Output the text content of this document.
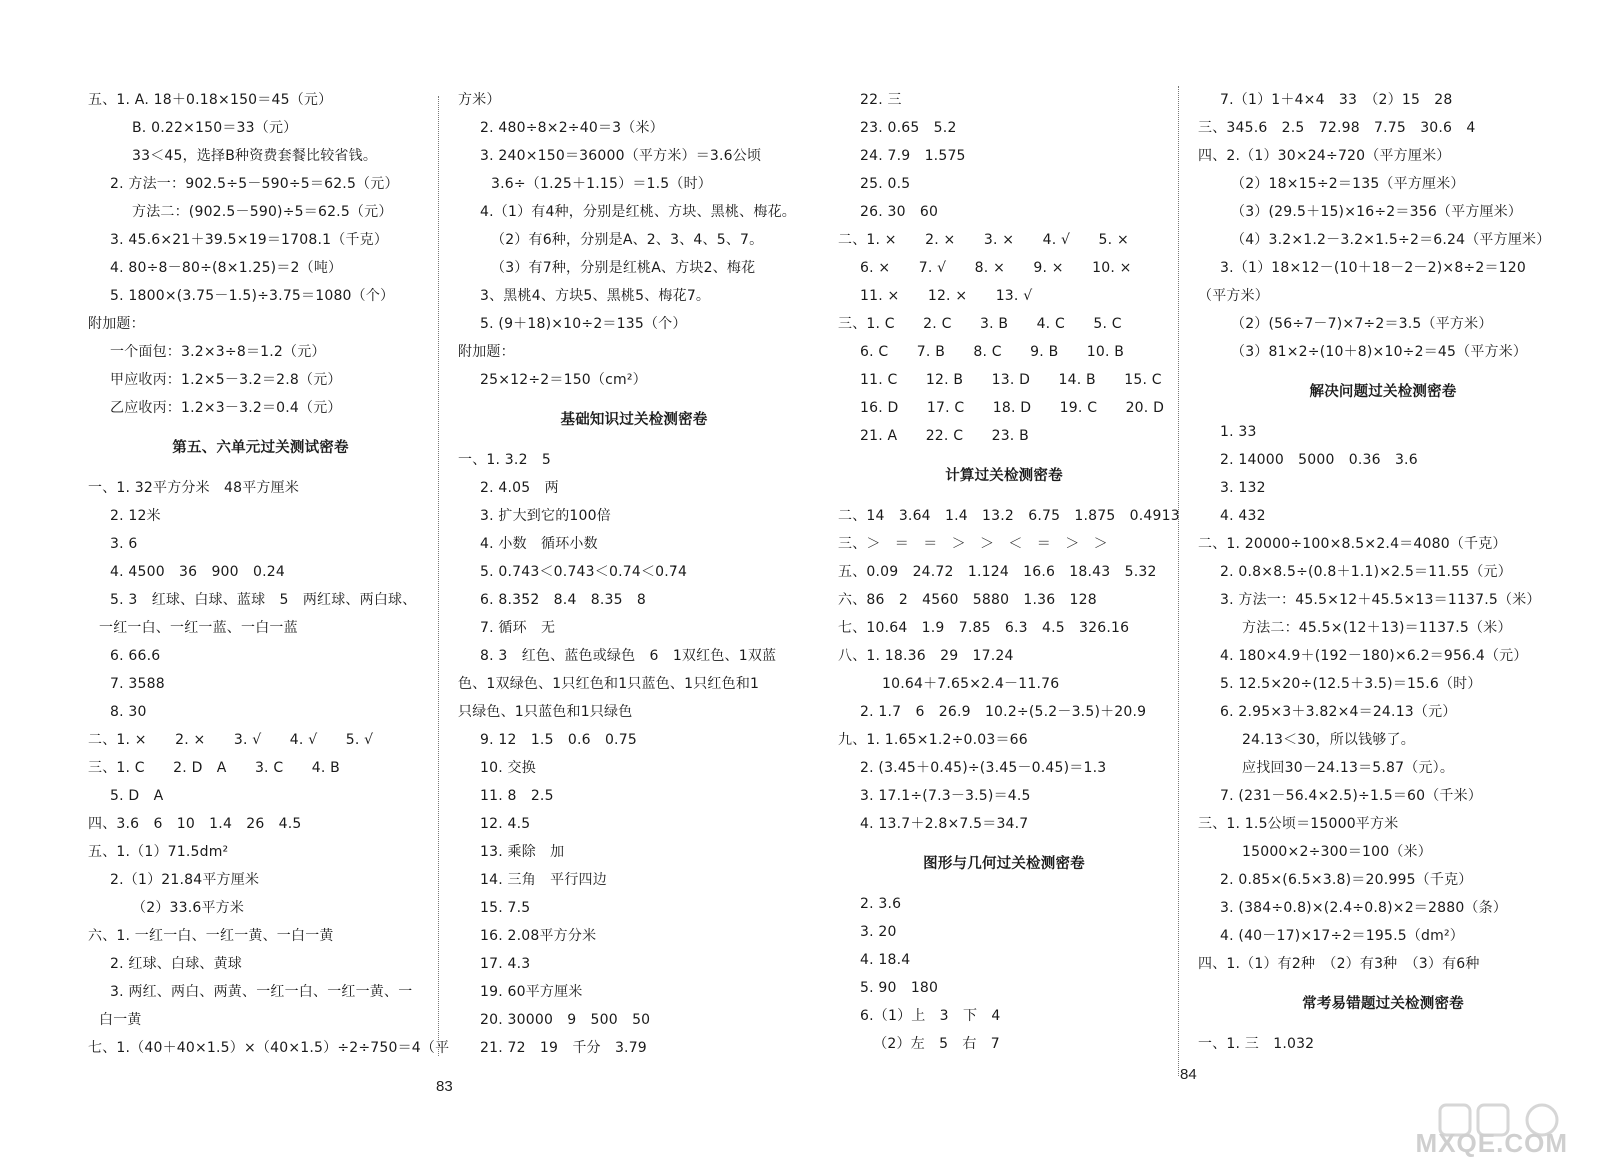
五、1. A. 18＋0.18×150＝45（元）
B. 0.22×150＝33（元）
33＜45，选择B种资费套餐比较省钱。
2. 方法一：902.5÷5－590÷5＝62.5（元）
方法二：(902.5－590)÷5＝62.5（元）
3. 45.6×21＋39.5×19＝1708.1（千克）
4. 80÷8－80÷(8×1.25)＝2（吨）
5. 1800×(3.75－1.5)÷3.75＝1080（个）
附加题：
一个面包：3.2×3÷8＝1.2（元）
甲应收丙：1.2×5－3.2＝2.8（元）
乙应收丙：1.2×3－3.2＝0.4（元）
第五、六单元过关测试密卷
一、1. 32平方分米　48平方厘米
2. 12米
3. 6
4. 4500　36　900　0.24
5. 3　红球、白球、蓝球　5　两红球、两白球、
一红一白、一红一蓝、一白一蓝
6. 66.6
7. 3588
8. 30
二、1. ×　　2. ×　　3. √　　4. √　　5. √
三、1. C　　2. D　A　　3. C　　4. B
5. D　A
四、3.6　6　10　1.4　26　4.5
五、1.（1）71.5dm²
2.（1）21.84平方厘米
（2）33.6平方米
六、1. 一红一白、一红一黄、一白一黄
2. 红球、白球、黄球
3. 两红、两白、两黄、一红一白、一红一黄、一
白一黄
七、1.（40＋40×1.5）×（40×1.5）÷2÷750＝4（平
方米）
2. 480÷8×2÷40＝3（米）
3. 240×150＝36000（平方米）＝3.6公顷
3.6÷（1.25＋1.15）＝1.5（时）
4.（1）有4种，分别是红桃、方块、黑桃、梅花。
（2）有6种，分别是A、2、3、4、5、7。
（3）有7种，分别是红桃A、方块2、梅花
3、黑桃4、方块5、黑桃5、梅花7。
5. (9＋18)×10÷2＝135（个）
附加题：
25×12÷2＝150（cm²）
基础知识过关检测密卷
一、1. 3.2　5
2. 4.05　两
3. 扩大到它的100倍
4. 小数　循环小数
5. 0.743＜0.74̇3̇＜0.74̇＜0.7̇4̇
6. 8.35̇2̇　8.4　8.35　8
7. 循环　无
8. 3　红色、蓝色或绿色　6　1双红色、1双蓝
色、1双绿色、1只红色和1只蓝色、1只红色和1
只绿色、1只蓝色和1只绿色
9. 12　1.5　0.6　0.75
10. 交换
11. 8　2.5
12. 4.5
13. 乘除　加
14. 三角　平行四边
15. 7.5
16. 2.08平方分米
17. 4.3
19. 60平方厘米
20. 30000　9　500　50
21. 72　19　千分　3.79
22. 三
23. 0.65　5.2
24. 7.9　1.575
25. 0.5
26. 30　60
二、1. ×　　2. ×　　3. ×　　4. √　　5. ×
6. ×　　7. √　　8. ×　　9. ×　　10. ×
11. ×　　12. ×　　13. √
三、1. C　　2. C　　3. B　　4. C　　5. C
6. C　　7. B　　8. C　　9. B　　10. B
11. C　　12. B　　13. D　　14. B　　15. C
16. D　　17. C　　18. D　　19. C　　20. D
21. A　　22. C　　23. B
计算过关检测密卷
二、14　3.64　1.4　13.2　6.75　1.875　0.4913
三、＞　＝　＝　＞　＞　＜　＝　＞　＞
五、0.09　24.72　1.12̇4̇　16.6　18.43　5.32
六、86　2　4560　5880　1.36　128
七、10.64　1.9　7.85　6.3　4.5　326.16
八、1. 18.36　29　17.24
10.64＋7.65×2.4－11.76
2. 1.7　6　26.9　10.2÷(5.2－3.5)＋20.9
九、1. 1.65×1.2÷0.03＝66
2. (3.45＋0.45)÷(3.45－0.45)＝1.3
3. 17.1÷(7.3－3.5)＝4.5
4. 13.7＋2.8×7.5＝34.7
图形与几何过关检测密卷
2. 3.6
3. 20
4. 18.4
5. 90　180
6.（1）上　3　下　4
（2）左　5　右　7
7.（1）1＋4×4　33　（2）15　28
三、345.6　2.5　72.98　7.75　30.6　4
四、2.（1）30×24÷720（平方厘米）
（2）18×15÷2＝135（平方厘米）
（3）(29.5＋15)×16÷2＝356（平方厘米）
（4）3.2×1.2－3.2×1.5÷2＝6.24（平方厘米）
3.（1）18×12－(10＋18－2－2)×8÷2＝120
（平方米）
（2）(56÷7－7)×7÷2＝3.5（平方米）
（3）81×2÷(10＋8)×10÷2＝45（平方米）
解决问题过关检测密卷
1. 33
2. 14000　5000　0.36　3.6
3. 132
4. 432
二、1. 20000÷100×8.5×2.4＝4080（千克）
2. 0.8×8.5÷(0.8＋1.1)×2.5＝11.55（元）
3. 方法一：45.5×12＋45.5×13＝1137.5（米）
方法二：45.5×(12＋13)＝1137.5（米）
4. 180×4.9＋(192－180)×6.2＝956.4（元）
5. 12.5×20÷(12.5＋3.5)＝15.6（时）
6. 2.95×3＋3.82×4＝24.13（元）
24.13＜30，所以钱够了。
应找回30－24.13＝5.87（元）。
7. (231－56.4×2.5)÷1.5＝60（千米）
三、1. 1.5公顷＝15000平方米
15000×2÷300＝100（米）
2. 0.85×(6.5×3.8)＝20.995（千克）
3. (384÷0.8)×(2.4÷0.8)×2＝2880（条）
4. (40－17)×17÷2＝195.5（dm²）
四、1.（1）有2种　（2）有3种　（3）有6种
常考易错题过关检测密卷
一、1. 三　1.032
83
84
MXQE.COM
